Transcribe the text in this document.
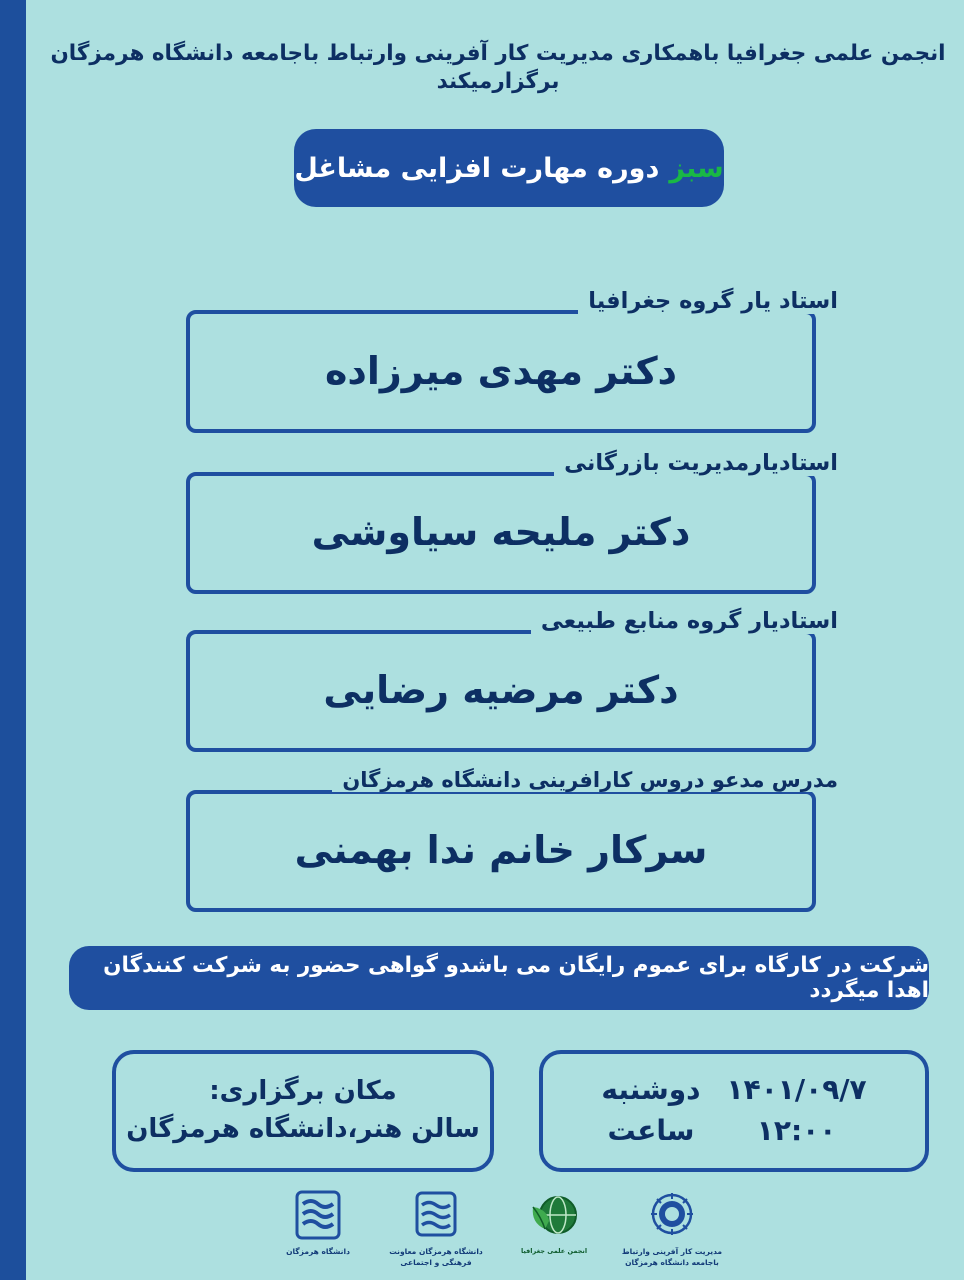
انجمن علمی جغرافیا باهمکاری مدیریت کار آفرینی وارتباط باجامعه دانشگاه هرمزگان برگزارمیکند
سبز
دوره مهارت افزایی مشاغل
استاد یار گروه جغرافیا
دکتر مهدی میرزاده
استادیارمدیریت بازرگانی
دکتر ملیحه سیاوشی
استادیار گروه منابع طبیعی
دکتر مرضیه رضایی
مدرس مدعو دروس کارافرینی دانشگاه هرمزگان
سرکار خانم ندا بهمنی
شرکت در کارگاه برای عموم رایگان می باشدو گواهی حضور به شرکت کنندگان اهدا میگردد
۱۴۰۱/۰۹/۷
۱۲:۰۰
دوشنبه
ساعت
مکان برگزاری:
سالن هنر،دانشگاه هرمزگان
دانشگاه هرمزگان	دانشگاه هرمزگان معاونت فرهنگی و اجتماعی
انجمن علمی جغرافیا	مدیریت کار آفرینی وارتباط باجامعه دانشگاه هرمزگان
